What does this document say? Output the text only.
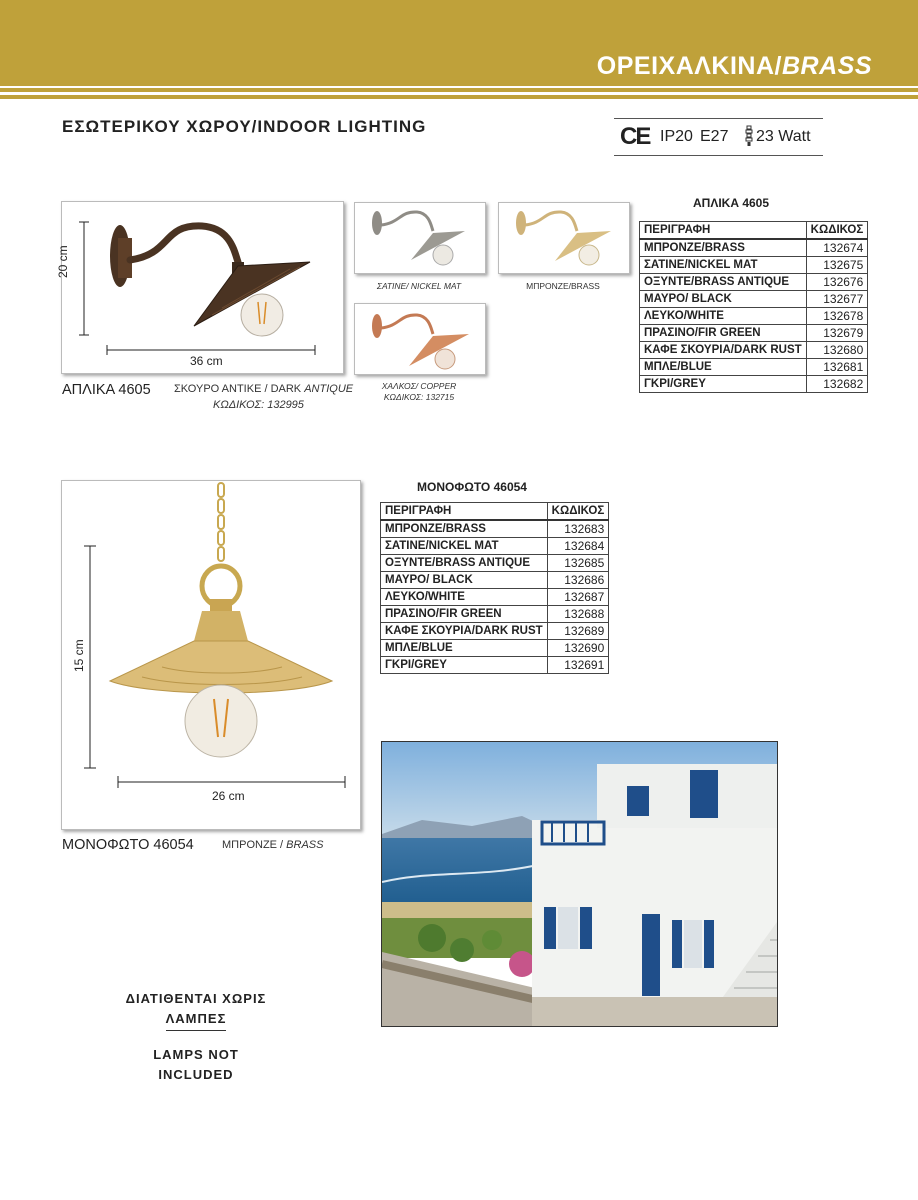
ΟΡΕΙΧΑΛΚΙΝΑ/BRASS
ΕΣΩΤΕΡΙΚΟΥ ΧΩΡΟΥ/INDOOR LIGHTING	CE IP20 E27 23 Watt
20 cm
36 cm
ΑΠΛΙΚΑ 4605 ΣΚΟΥΡΟ ΑΝΤΙΚΕ / DARK ANTIQUE
ΚΩΔΙΚΟΣ: 132995
ΣΑΤΙΝΕ/ NICKEL MAT	ΜΠΡΟΝΖΕ/BRASS
ΧΑΛΚΟΣ/ COPPER
ΚΩΔΙΚΟΣ: 132715
ΑΠΛΙΚΑ 4605
ΠΕΡΙΓΡΑΦΗ	ΚΩΔΙΚΟΣ
ΜΠΡΟΝΖΕ/BRASS	132674
ΣΑΤΙΝΕ/NICKEL MAT	132675
ΟΞΥΝΤΕ/BRASS ANTIQUE	132676
ΜΑΥΡΟ/ BLACK	132677
ΛΕΥΚΟ/WHITE	132678
ΠΡΑΣΙΝΟ/FIR GREEN	132679
ΚΑΦΕ ΣΚΟΥΡΙΑ/DARK RUST	132680
ΜΠΛΕ/BLUE	132681
ΓΚΡΙ/GREY	132682
15 cm
26 cm
ΜΟΝΟΦΩΤΟ 46054	ΜΠΡΟΝΖΕ / BRASS
ΜΟΝΟΦΩΤΟ 46054
ΠΕΡΙΓΡΑΦΗ	ΚΩΔΙΚΟΣ
ΜΠΡΟΝΖΕ/BRASS	132683
ΣΑΤΙΝΕ/NICKEL MAT	132684
ΟΞΥΝΤΕ/BRASS ANTIQUE	132685
ΜΑΥΡΟ/ BLACK	132686
ΛΕΥΚΟ/WHITE	132687
ΠΡΑΣΙΝΟ/FIR GREEN	132688
ΚΑΦΕ ΣΚΟΥΡΙΑ/DARK RUST	132689
ΜΠΛΕ/BLUE	132690
ΓΚΡΙ/GREY	132691
ΔΙΑΤΙΘΕΝΤΑΙ ΧΩΡΙΣ
ΛΑΜΠΕΣ
LAMPS NOT
INCLUDED
